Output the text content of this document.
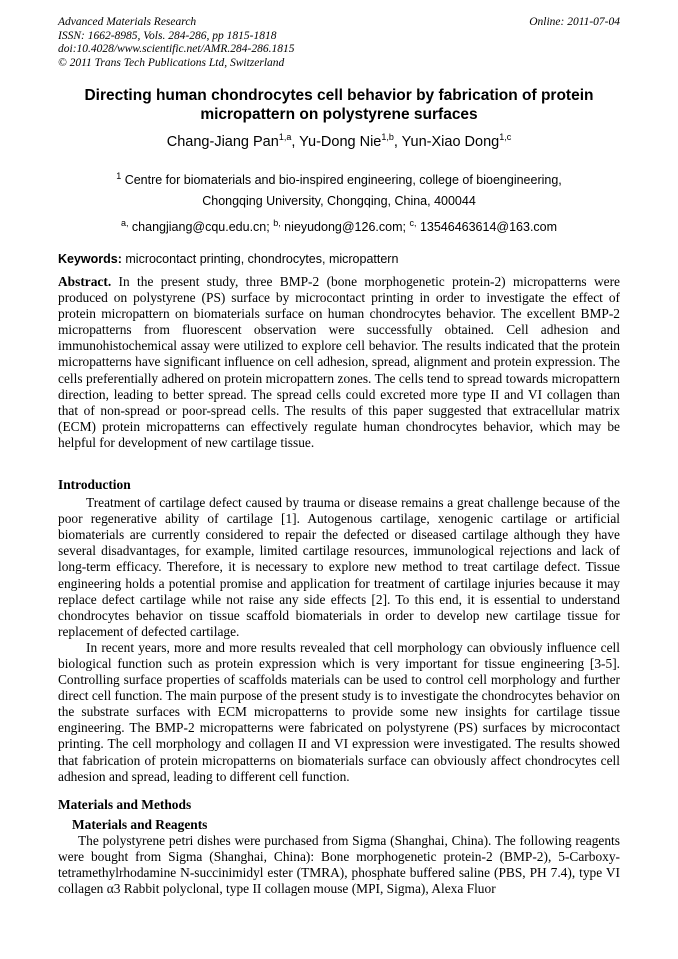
Advanced Materials Research
ISSN: 1662-8985, Vols. 284-286, pp 1815-1818
doi:10.4028/www.scientific.net/AMR.284-286.1815
© 2011 Trans Tech Publications Ltd, Switzerland
Online: 2011-07-04
Directing human chondrocytes cell behavior by fabrication of protein micropattern on polystyrene surfaces
Chang-Jiang Pan$^{1,a}$, Yu-Dong Nie$^{1,b}$, Yun-Xiao Dong$^{1,c}$
$^1$ Centre for biomaterials and bio-inspired engineering, college of bioengineering, Chongqing University, Chongqing, China, 400044
$^{a,}$ changjiang@cqu.edu.cn; $^{b,}$ nieyudong@126.com; $^{c,}$ 13546463614@163.com
Keywords: microcontact printing, chondrocytes, micropattern

Abstract. In the present study, three BMP-2 (bone morphogenetic protein-2) micropatterns were produced on polystyrene (PS) surface by microcontact printing in order to investigate the effect of protein micropattern on biomaterials surface on human chondrocytes behavior. The excellent BMP-2 micropatterns from fluorescent observation were successfully obtained. Cell adhesion and immunohistochemical assay were utilized to explore cell behavior. The results indicated that the protein micropatterns have significant influence on cell adhesion, spread, alignment and protein expression. The cells preferentially adhered on protein micropattern zones. The cells tend to spread towards micropattern direction, leading to better spread. The spread cells could excreted more type II and VI collagen than that of non-spread or poor-spread cells. The results of this paper suggested that extracellular matrix (ECM) protein micropatterns can effectively regulate human chondrocytes behavior, which may be helpful for development of new cartilage tissue.

Introduction

Treatment of cartilage defect caused by trauma or disease remains a great challenge because of the poor regenerative ability of cartilage [1]. Autogenous cartilage, xenogenic cartilage or artificial biomaterials are currently considered to repair the defected or diseased cartilage although they have several disadvantages, for example, limited cartilage resources, immunological rejections and lack of long-term efficacy. Therefore, it is necessary to explore new method to treat cartilage defect. Tissue engineering holds a potential promise and application for treatment of cartilage injuries because it may replace defect cartilage while not raise any side effects [2]. To this end, it is essential to understand chondrocytes behavior on tissue scaffold biomaterials in order to develop new cartilage tissue for replacement of defected cartilage.

In recent years, more and more results revealed that cell morphology can obviously influence cell biological function such as protein expression which is very important for tissue engineering [3-5]. Controlling surface properties of scaffolds materials can be used to control cell morphology and further direct cell function. The main purpose of the present study is to investigate the chondrocytes behavior on the substrate surfaces with ECM micropatterns to provide some new insights for cartilage tissue engineering. The BMP-2 micropatterns were fabricated on polystyrene (PS) surfaces by microcontact printing. The cell morphology and collagen II and VI expression were investigated. The results showed that fabrication of protein micropatterns on biomaterials surface can obviously affect chondrocytes cell adhesion and spread, leading to different cell function.

Materials and Methods
Materials and Reagents

The polystyrene petri dishes were purchased from Sigma (Shanghai, China). The following reagents were bought from Sigma (Shanghai, China): Bone morphogenetic protein-2 (BMP-2), 5-Carboxy-tetramethylrhodamine N-succinimidyl ester (TMRA), phosphate buffered saline (PBS, PH 7.4), type VI collagen α3 Rabbit polyclonal, type II collagen mouse (MPI, Sigma), Alexa Fluor
